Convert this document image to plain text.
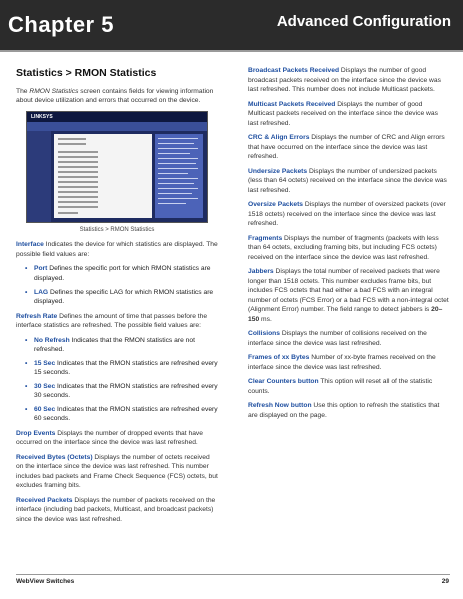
Chapter 5	Advanced Configuration
Statistics > RMON Statistics

The RMON Statistics screen contains fields for viewing information about device utilization and errors that occurred on the device.

LINKSYS
Statistics > RMON Statistics

Interface Indicates the device for which statistics are displayed. The possible field values are:

• Port Defines the specific port for which RMON statistics are displayed.
• LAG Defines the specific LAG for which RMON statistics are displayed.

Refresh Rate Defines the amount of time that passes before the interface statistics are refreshed. The possible field values are:

• No Refresh Indicates that the RMON statistics are not refreshed.
• 15 Sec Indicates that the RMON statistics are refreshed every 15 seconds.
• 30 Sec Indicates that the RMON statistics are refreshed every 30 seconds.
• 60 Sec Indicates that the RMON statistics are refreshed every 60 seconds.

Drop Events Displays the number of dropped events that have occurred on the interface since the device was last refreshed.

Received Bytes (Octets) Displays the number of octets received on the interface since the device was last refreshed. This number includes bad packets and Frame Check Sequence (FCS) octets, but excludes framing bits.

Received Packets Displays the number of packets received on the interface (including bad packets, Multicast, and broadcast packets) since the device was last refreshed.

Broadcast Packets Received Displays the number of good broadcast packets received on the interface since the device was last refreshed. This number does not include Multicast packets.

Multicast Packets Received Displays the number of good Multicast packets received on the interface since the device was last refreshed.

CRC & Align Errors Displays the number of CRC and Align errors that have occurred on the interface since the device was last refreshed.

Undersize Packets Displays the number of undersized packets (less than 64 octets) received on the interface since the device was last refreshed.

Oversize Packets Displays the number of oversized packets (over 1518 octets) received on the interface since the device was last refreshed.

Fragments Displays the number of fragments (packets with less than 64 octets, excluding framing bits, but including FCS octets) received on the interface since the device was last refreshed.

Jabbers Displays the total number of received packets that were longer than 1518 octets. This number excludes frame bits, but includes FCS octets that had either a bad FCS with an integral number of octets (FCS Error) or a bad FCS with a non-integral octet (Alignment Error) number. The field range to detect jabbers is 20–150 ms.

Collisions Displays the number of collisions received on the interface since the device was last refreshed.

Frames of xx Bytes Number of xx-byte frames received on the interface since the device was last refreshed.

Clear Counters button This option will reset all of the statistic counts.

Refresh Now button Use this option to refresh the statistics that are displayed on the page.

WebView Switches	29
